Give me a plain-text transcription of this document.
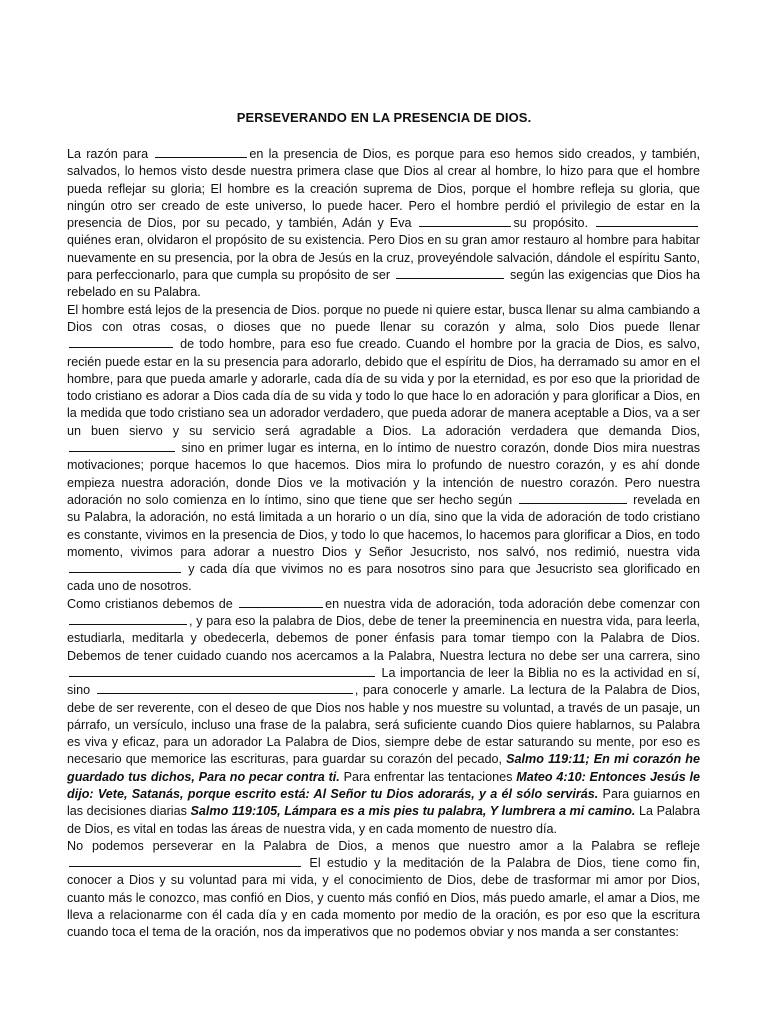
PERSEVERANDO EN LA PRESENCIA DE DIOS.

La razón para	en la presencia de Dios, es porque para eso hemos sido creados, y también, salvados, lo hemos visto desde nuestra primera clase que Dios al crear al hombre, lo hizo para que el hombre pueda reflejar su gloria; El hombre es la creación suprema de Dios, porque el hombre refleja su gloria, que ningún otro ser creado de este universo, lo puede hacer. Pero el hombre perdió el privilegio de estar en la presencia de Dios, por su pecado, y también, Adán y Eva	su propósito. quiénes eran, olvidaron el propósito de su existencia. Pero Dios en su gran amor restauro al hombre para habitar nuevamente en su presencia, por la obra de Jesús en la cruz, proveyéndole salvación, dándole el espíritu Santo, para perfeccionarlo, para que cumpla su propósito de ser	según las exigencias que Dios ha rebelado en su Palabra.

El hombre está lejos de la presencia de Dios. porque no puede ni quiere estar, busca llenar su alma cambiando a Dios con otras cosas, o dioses que no puede llenar su corazón y alma, solo Dios puede llenar  de todo hombre, para eso fue creado. Cuando el hombre por la gracia de Dios, es salvo, recién puede estar en la su presencia para adorarlo, debido que el espíritu de Dios, ha derramado su amor en el hombre, para que pueda amarle y adorarle, cada día de su vida y por la eternidad, es por eso que la prioridad de todo cristiano es adorar a Dios cada día de su vida y todo lo que hace lo en adoración y para glorificar a Dios, en la medida que todo cristiano sea un adorador verdadero, que pueda adorar de manera aceptable a Dios, va a ser un buen siervo y su servicio será agradable a Dios. La adoración verdadera que demanda Dios,  sino en primer lugar es interna, en lo íntimo de nuestro corazón, donde Dios mira nuestras motivaciones; porque hacemos lo que hacemos. Dios mira lo profundo de nuestro corazón, y es ahí donde empieza nuestra adoración, donde Dios ve la motivación y la intención de nuestro corazón. Pero nuestra adoración no solo comienza en lo íntimo, sino que tiene que ser hecho según	revelada en su Palabra, la adoración, no está limitada a un horario o un día, sino que la vida de adoración de todo cristiano es constante, vivimos en la presencia de Dios, y todo lo que hacemos, lo hacemos para glorificar a Dios, en todo momento, vivimos para adorar a nuestro Dios y Señor Jesucristo, nos salvó, nos redimió, nuestra vida  y cada día que vivimos no es para nosotros sino para que Jesucristo sea glorificado en cada uno de nosotros.

Como cristianos debemos de	en nuestra vida de adoración, toda adoración debe comenzar con , y para eso la palabra de Dios, debe de tener la preeminencia en nuestra vida, para leerla, estudiarla, meditarla y obedecerla, debemos de poner énfasis para tomar tiempo con la Palabra de Dios. Debemos de tener cuidado cuando nos acercamos a la Palabra, Nuestra lectura no debe ser una carrera, sino  La importancia de leer la Biblia no es la actividad en sí, sino	, para conocerle y amarle. La lectura de la Palabra de Dios, debe de ser reverente, con el deseo de que Dios nos hable y nos muestre su voluntad, a través de un pasaje, un párrafo, un versículo, incluso una frase de la palabra, será suficiente cuando Dios quiere hablarnos, su Palabra es viva y eficaz, para un adorador La Palabra de Dios, siempre debe de estar saturando su mente, por eso es necesario que memorice las escrituras, para guardar su corazón del pecado, Salmo 119:11; En mi corazón he guardado tus dichos, Para no pecar contra ti. Para enfrentar las tentaciones Mateo 4:10: Entonces Jesús le dijo: Vete, Satanás, porque escrito está: Al Señor tu Dios adorarás, y a él sólo servirás. Para guiarnos en las decisiones diarias Salmo 119:105, Lámpara es a mis pies tu palabra, Y lumbrera a mi camino. La Palabra de Dios, es vital en todas las áreas de nuestra vida, y en cada momento de nuestro día.

No podemos perseverar en la Palabra de Dios, a menos que nuestro amor a la Palabra se refleje  El estudio y la meditación de la Palabra de Dios, tiene como fin, conocer a Dios y su voluntad para mi vida, y el conocimiento de Dios, debe de trasformar mi amor por Dios, cuanto más le conozco, mas confió en Dios, y cuento más confió en Dios, más puedo amarle, el amar a Dios, me lleva a relacionarme con él cada día y en cada momento por medio de la oración, es por eso que la escritura cuando toca el tema de la oración, nos da imperativos que no podemos obviar y nos manda a ser constantes:
